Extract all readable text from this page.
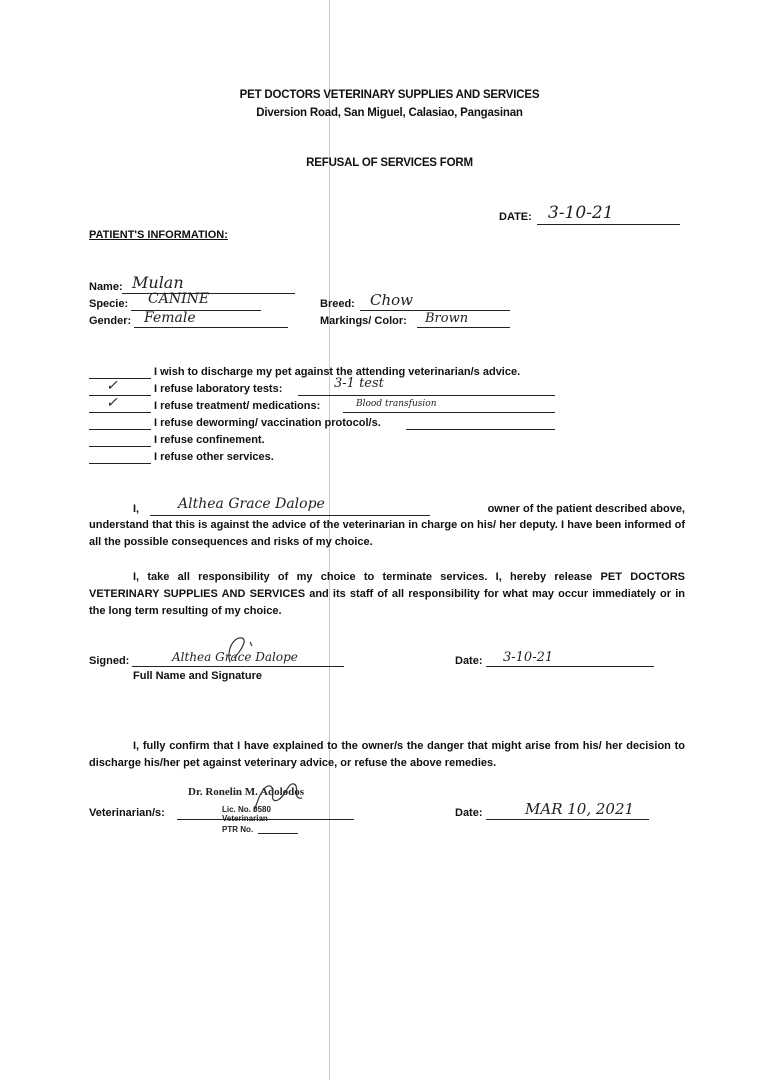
PET DOCTORS VETERINARY SUPPLIES AND SERVICES
Diversion Road, San Miguel, Calasiao, Pangasinan
REFUSAL OF SERVICES FORM
DATE: 3-10-21
PATIENT'S INFORMATION:
Name: Mulan
Specie: CANINE
Gender: Female
Breed: Chow
Markings/ Color: Brown
I wish to discharge my pet against the attending veterinarian/s advice.
✓	I refuse laboratory tests:	3-1 test
✓	I refuse treatment/ medications:	Blood transfusion
I refuse deworming/ vaccination protocol/s.
I refuse confinement.
I refuse other services.
I,	Althea Grace Dalope	owner of the patient described above,
understand that this is against the advice of the veterinarian in charge on his/ her deputy. I have been informed of all the possible consequences and risks of my choice.
I, take all responsibility of my choice to terminate services. I, hereby release PET DOCTORS VETERINARY SUPPLIES AND SERVICES and its staff of all responsibility for what may occur immediately or in the long term resulting of my choice.
Signed:	Althea Grace Dalope
Full Name and Signature
Date: 3-10-21
I, fully confirm that I have explained to the owner/s the danger that might arise from his/ her decision to discharge his/her pet against veterinary advice, or refuse the above remedies.
Veterinarian/s:
Dr. Ronelin M. Adolodos
Lic. No. 0580
Veterinarian
PTR No.
Date:	MAR 10, 2021
